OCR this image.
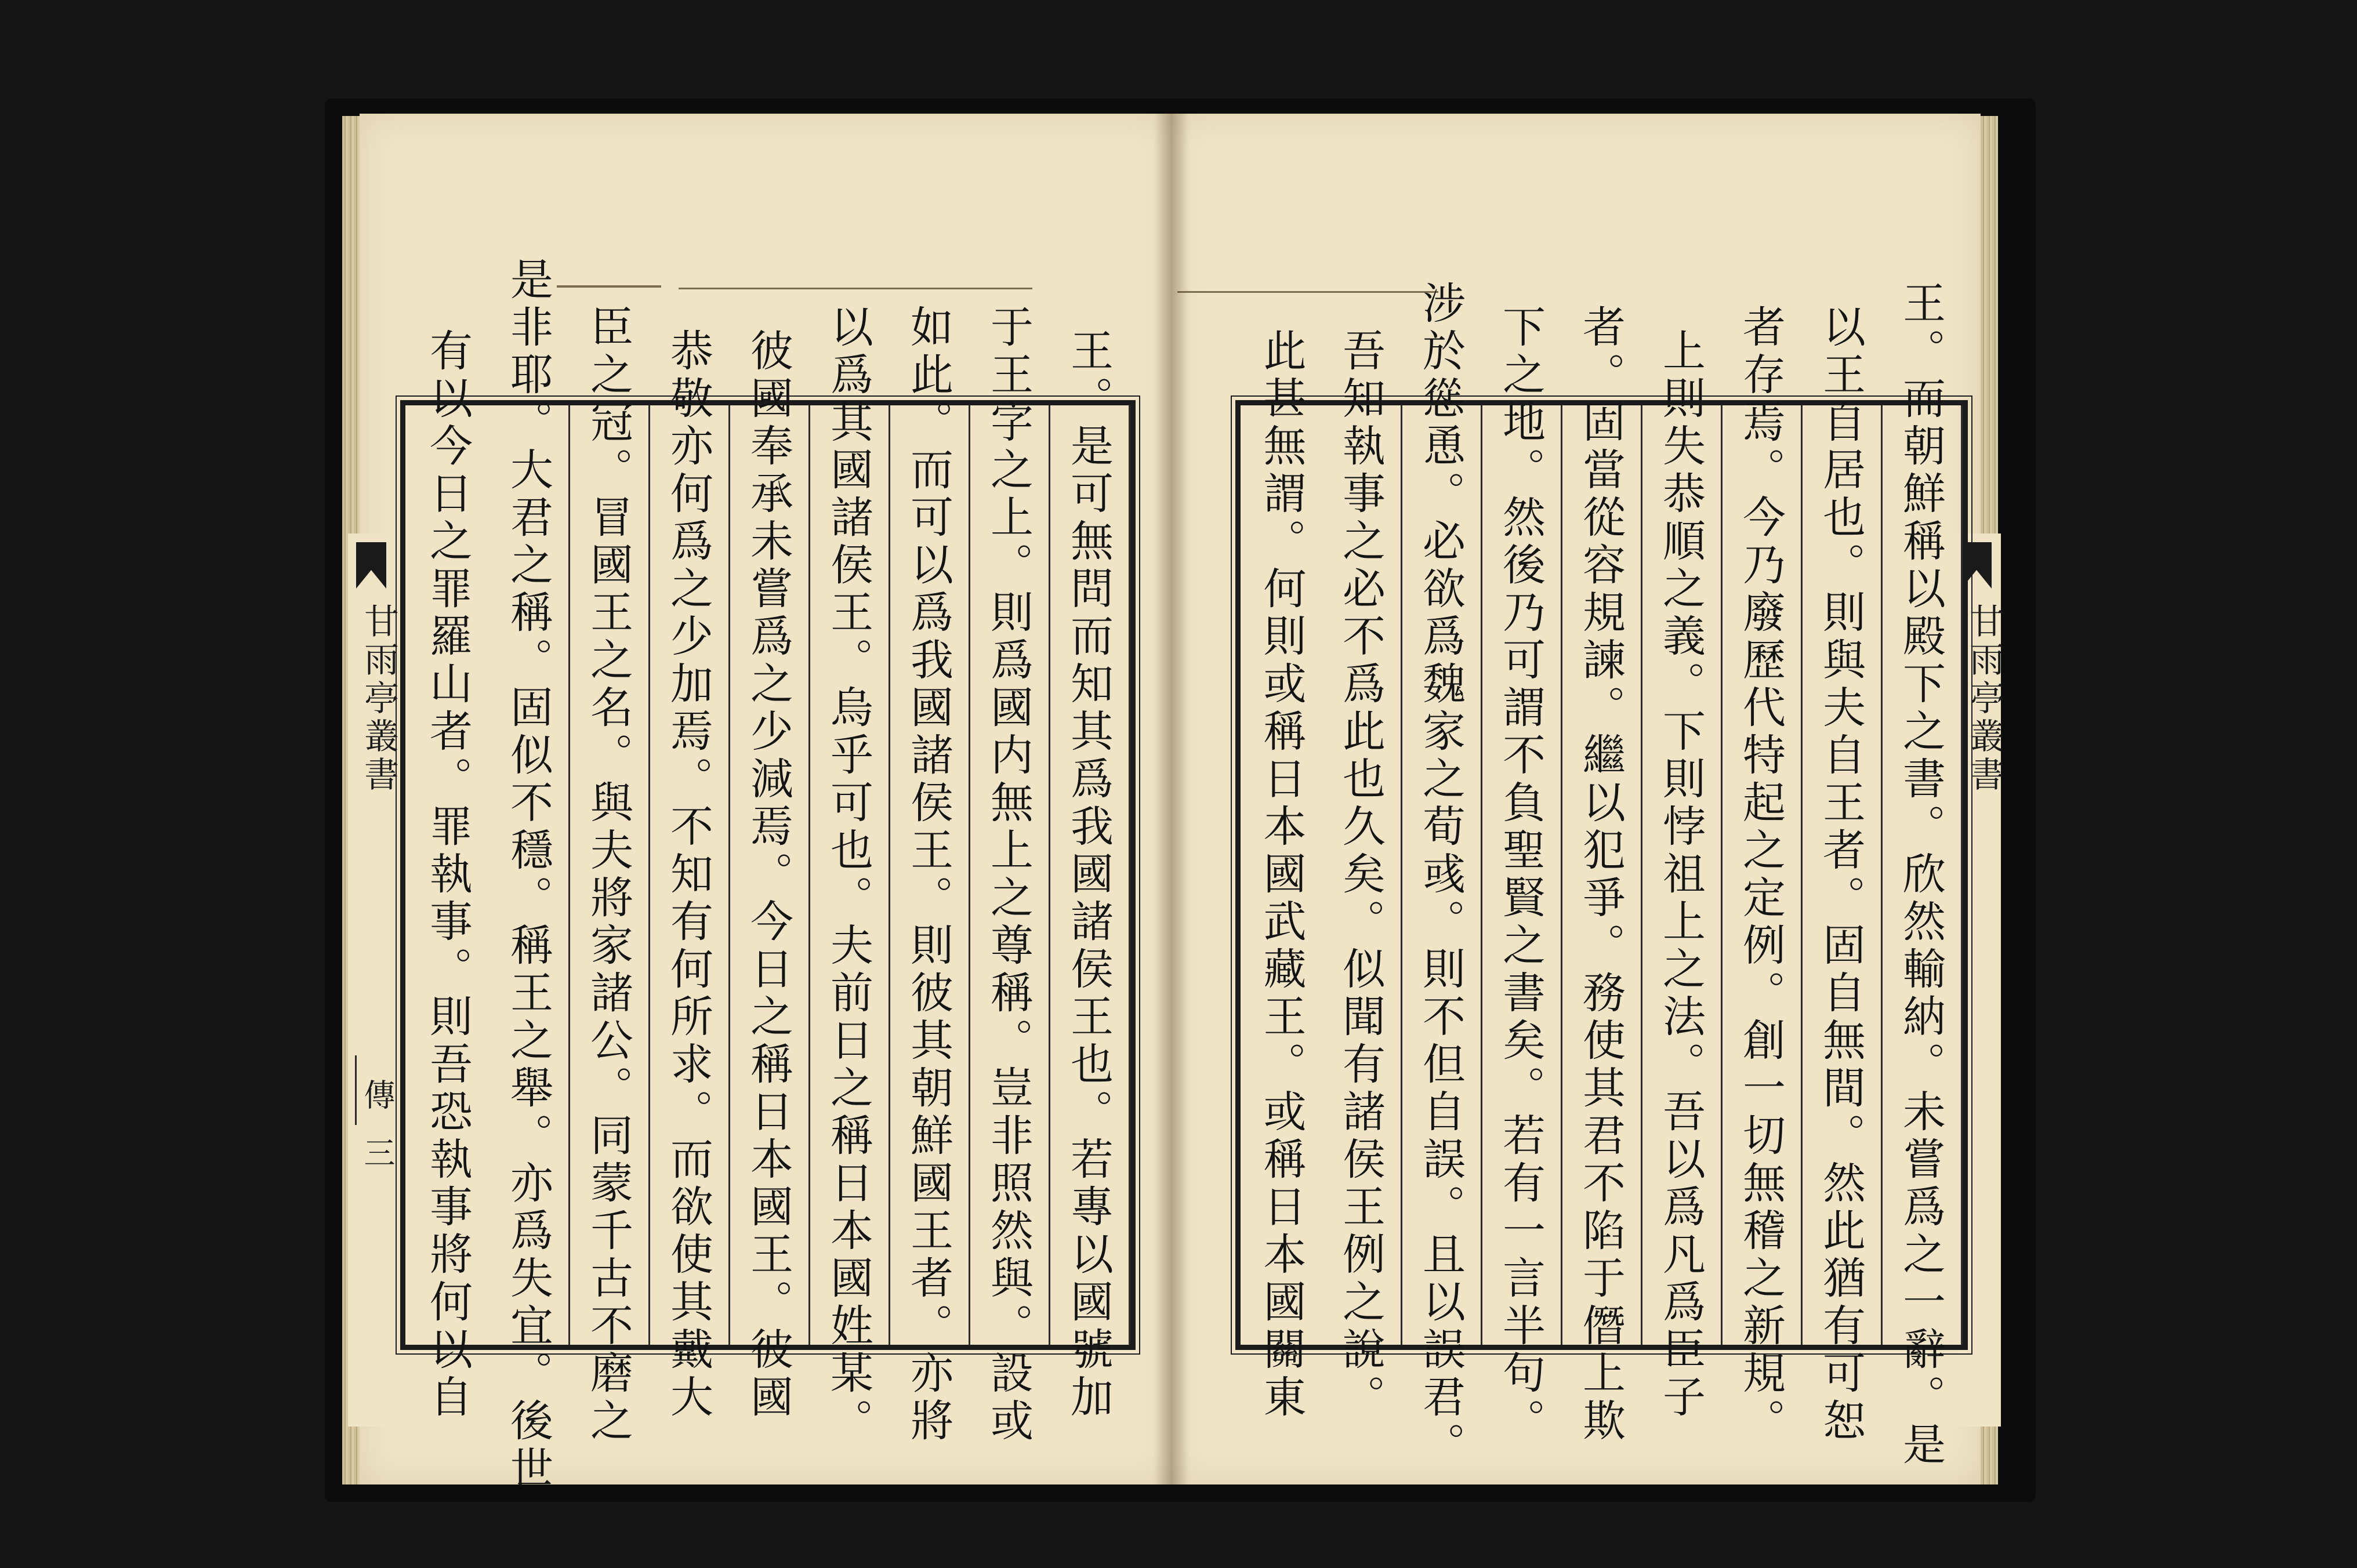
甘雨亭叢書
傳
三
甘雨亭叢書
王。是可無問而知其爲我國諸侯王也。若專以國號加
于王字之上。則爲國内無上之尊稱。豈非照然與。設或
如此。而可以爲我國諸侯王。則彼其朝鮮國王者。亦將
以爲其國諸侯王。烏乎可也。夫前日之稱日本國姓某。
彼國奉承未嘗爲之少減焉。今日之稱日本國王。彼國
恭敬亦何爲之少加焉。不知有何所求。而欲使其戴大
臣之冠。冒國王之名。與夫將家諸公。同蒙千古不磨之
是非耶。大君之稱。固似不穩。稱王之舉。亦爲失宜。後世
有以今日之罪羅山者。罪執事。則吾恐執事將何以自	王。而朝鮮稱以殿下之書。欣然輸納。未嘗爲之一辭。是
以王自居也。則與夫自王者。固自無間。然此猶有可恕
者存焉。今乃廢歷代特起之定例。創一切無稽之新規。
上則失恭順之義。下則悖祖上之法。吾以爲凡爲臣子
者。固當從容規諫。繼以犯爭。務使其君不陷于僭上欺
下之地。然後乃可謂不負聖賢之書矣。若有一言半句。
涉於慫恿。必欲爲魏家之荀彧。則不但自誤。且以誤君。
吾知執事之必不爲此也久矣。似聞有諸侯王例之說。
此甚無謂。何則或稱日本國武藏王。或稱日本國關東
